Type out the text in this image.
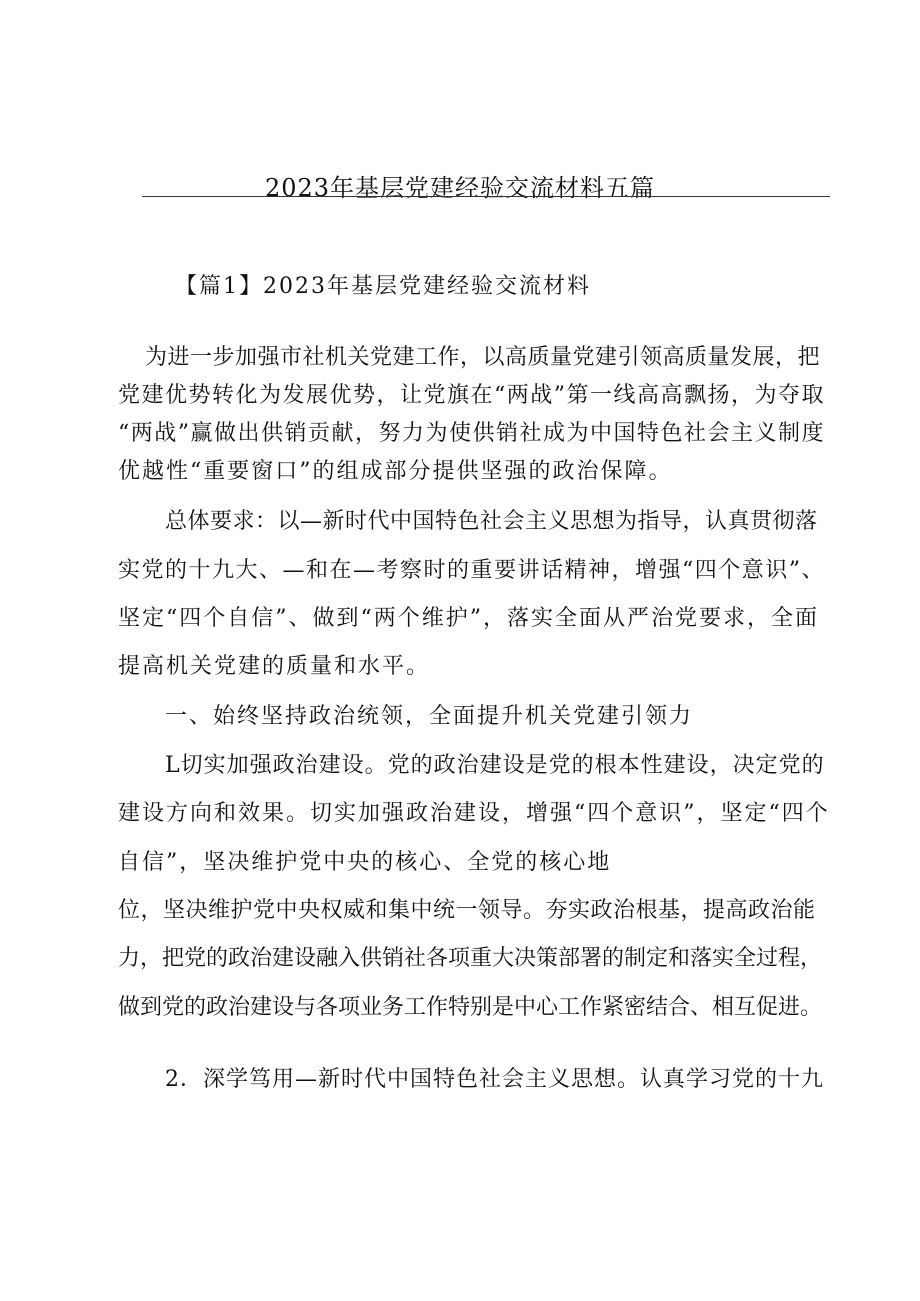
2023年基层党建经验交流材料五篇
【篇1】2023年基层党建经验交流材料
为进一步加强市社机关党建工作，以高质量党建引领高质量发展，把
党建优势转化为发展优势，让党旗在“两战”第一线高高飘扬，为夺取
“两战”赢做出供销贡献，努力为使供销社成为中国特色社会主义制度
优越性“重要窗口”的组成部分提供坚强的政治保障。
总体要求：以—新时代中国特色社会主义思想为指导，认真贯彻落
实党的十九大、—和在—考察时的重要讲话精神，增强“四个意识”、
坚定“四个自信”、做到“两个维护”，落实全面从严治党要求，全面
提高机关党建的质量和水平。
一、始终坚持政治统领，全面提升机关党建引领力
L切实加强政治建设。党的政治建设是党的根本性建设，决定党的
建设方向和效果。切实加强政治建设，增强“四个意识”，坚定“四个
自信”，坚决维护党中央的核心、全党的核心地
位，坚决维护党中央权威和集中统一领导。夯实政治根基，提高政治能
力，把党的政治建设融入供销社各项重大决策部署的制定和落实全过程，
做到党的政治建设与各项业务工作特别是中心工作紧密结合、相互促进。
2．深学笃用—新时代中国特色社会主义思想。认真学习党的十九
